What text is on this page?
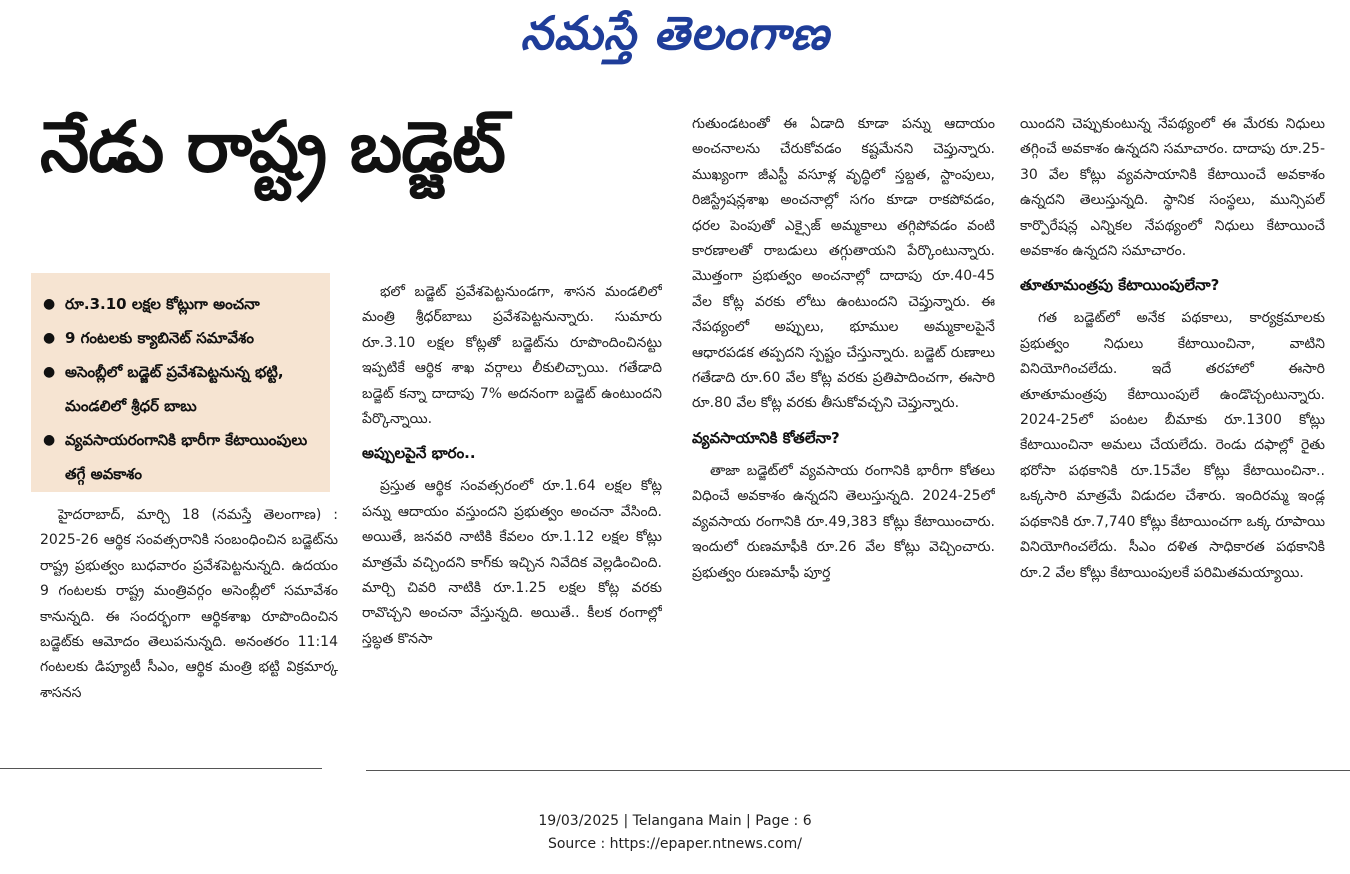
నమస్తే తెలంగాణ
నేడు రాష్ట్ర బడ్జెట్
● రూ.3.10 లక్షల కోట్లుగా అంచనా
● 9 గంటలకు క్యాబినెట్ సమావేశం
● అసెంబ్లీలో బడ్జెట్ ప్రవేశపెట్టనున్న భట్టి, మండలిలో శ్రీధర్ బాబు
● వ్యవసాయరంగానికి భారీగా కేటాయింపులు తగ్గే అవకాశం

హైదరాబాద్, మార్చి 18 (నమస్తే తెలంగాణ) : 2025-26 ఆర్థిక సంవత్సరానికి సంబంధించిన బడ్జెట్‌ను రాష్ట్ర ప్రభుత్వం బుధవారం ప్రవేశపెట్టనున్నది. ఉదయం 9 గంటలకు రాష్ట్ర మంత్రివర్గం అసెంబ్లీలో సమావేశం కానున్నది. ఈ సందర్భంగా ఆర్థికశాఖ రూపొందించిన బడ్జెట్‌కు ఆమోదం తెలుపనున్నది. అనంతరం 11:14 గంటలకు డిప్యూటీ సీఎం, ఆర్థిక మంత్రి భట్టి విక్రమార్క శాసనస

భలో బడ్జెట్ ప్రవేశపెట్టనుండగా, శాసన మండలిలో మంత్రి శ్రీధర్‌బాబు ప్రవేశపెట్టనున్నారు. సుమారు రూ.3.10 లక్షల కోట్లతో బడ్జెట్‌ను రూపొందించినట్టు ఇప్పటికే ఆర్థిక శాఖ వర్గాలు లీకులిచ్చాయి. గతేడాది బడ్జెట్ కన్నా దాదాపు 7% అదనంగా బడ్జెట్ ఉంటుందని పేర్కొన్నాయి.

అప్పులపైనే భారం..

ప్రస్తుత ఆర్థిక సంవత్సరంలో రూ.1.64 లక్షల కోట్ల పన్ను ఆదాయం వస్తుందని ప్రభుత్వం అంచనా వేసింది. అయితే, జనవరి నాటికి కేవలం రూ.1.12 లక్షల కోట్లు మాత్రమే వచ్చిందని కాగ్‌కు ఇచ్చిన నివేదిక వెల్లడించింది. మార్చి చివరి నాటికి రూ.1.25 లక్షల కోట్ల వరకు రావొచ్చని అంచనా వేస్తున్నది. అయితే.. కీలక రంగాల్లో స్తబ్ధత కొనసా

గుతుండటంతో ఈ ఏడాది కూడా పన్ను ఆదాయం అంచనాలను చేరుకోవడం కష్టమేనని చెప్తున్నారు. ముఖ్యంగా జీఎస్టీ వసూళ్ల వృద్ధిలో స్తబ్దత, స్టాంపులు, రిజిస్ట్రేషన్లశాఖ అంచనాల్లో సగం కూడా రాకపోవడం, ధరల పెంపుతో ఎక్సైజ్ అమ్మకాలు తగ్గిపోవడం వంటి కారణాలతో రాబడులు తగ్గుతాయని పేర్కొంటున్నారు. మొత్తంగా ప్రభుత్వం అంచనాల్లో దాదాపు రూ.40-45 వేల కోట్ల వరకు లోటు ఉంటుందని చెప్తున్నారు. ఈ నేపథ్యంలో అప్పులు, భూముల అమ్మకాలపైనే ఆధారపడక తప్పదని స్పష్టం చేస్తున్నారు. బడ్జెట్ రుణాలు గతేడాది రూ.60 వేల కోట్ల వరకు ప్రతిపాదించగా, ఈసారి రూ.80 వేల కోట్ల వరకు తీసుకోవచ్చని చెప్తున్నారు.

వ్యవసాయానికి కోతలేనా?

తాజా బడ్జెట్‌లో వ్యవసాయ రంగానికి భారీగా కోతలు విధించే అవకాశం ఉన్నదని తెలుస్తున్నది. 2024-25లో వ్యవసాయ రంగానికి రూ.49,383 కోట్లు కేటాయించారు. ఇందులో రుణమాఫీకి రూ.26 వేల కోట్లు వెచ్చించారు. ప్రభుత్వం రుణమాఫీ పూర్త

యిందని చెప్పుకుంటున్న నేపథ్యంలో ఈ మేరకు నిధులు తగ్గించే అవకాశం ఉన్నదని సమాచారం. దాదాపు రూ.25-30 వేల కోట్లు వ్యవసాయానికి కేటాయించే అవకాశం ఉన్నదని తెలుస్తున్నది. స్థానిక సంస్థలు, మున్సిపల్ కార్పొరేషన్ల ఎన్నికల నేపథ్యంలో నిధులు కేటాయించే అవకాశం ఉన్నదని సమాచారం.

తూతూమంత్రపు కేటాయింపులేనా?

గత బడ్జెట్‌లో అనేక పథకాలు, కార్యక్రమాలకు ప్రభుత్వం నిధులు కేటాయించినా, వాటిని వినియోగించలేదు. ఇదే తరహాలో ఈసారి తూతూమంత్రపు కేటాయింపులే ఉండొచ్చంటున్నారు. 2024-25లో పంటల బీమాకు రూ.1300 కోట్లు కేటాయించినా అమలు చేయలేదు. రెండు దఫాల్లో రైతు భరోసా పథకానికి రూ.15వేల కోట్లు కేటాయించినా.. ఒక్కసారి మాత్రమే విడుదల చేశారు. ఇందిరమ్మ ఇండ్ల పథకానికి రూ.7,740 కోట్లు కేటాయించగా ఒక్క రూపాయి వినియోగించలేదు. సీఎం దళిత సాధికారత పథకానికి రూ.2 వేల కోట్లు కేటాయింపులకే పరిమితమయ్యాయి.

19/03/2025 | Telangana Main | Page : 6
Source : https://epaper.ntnews.com/
